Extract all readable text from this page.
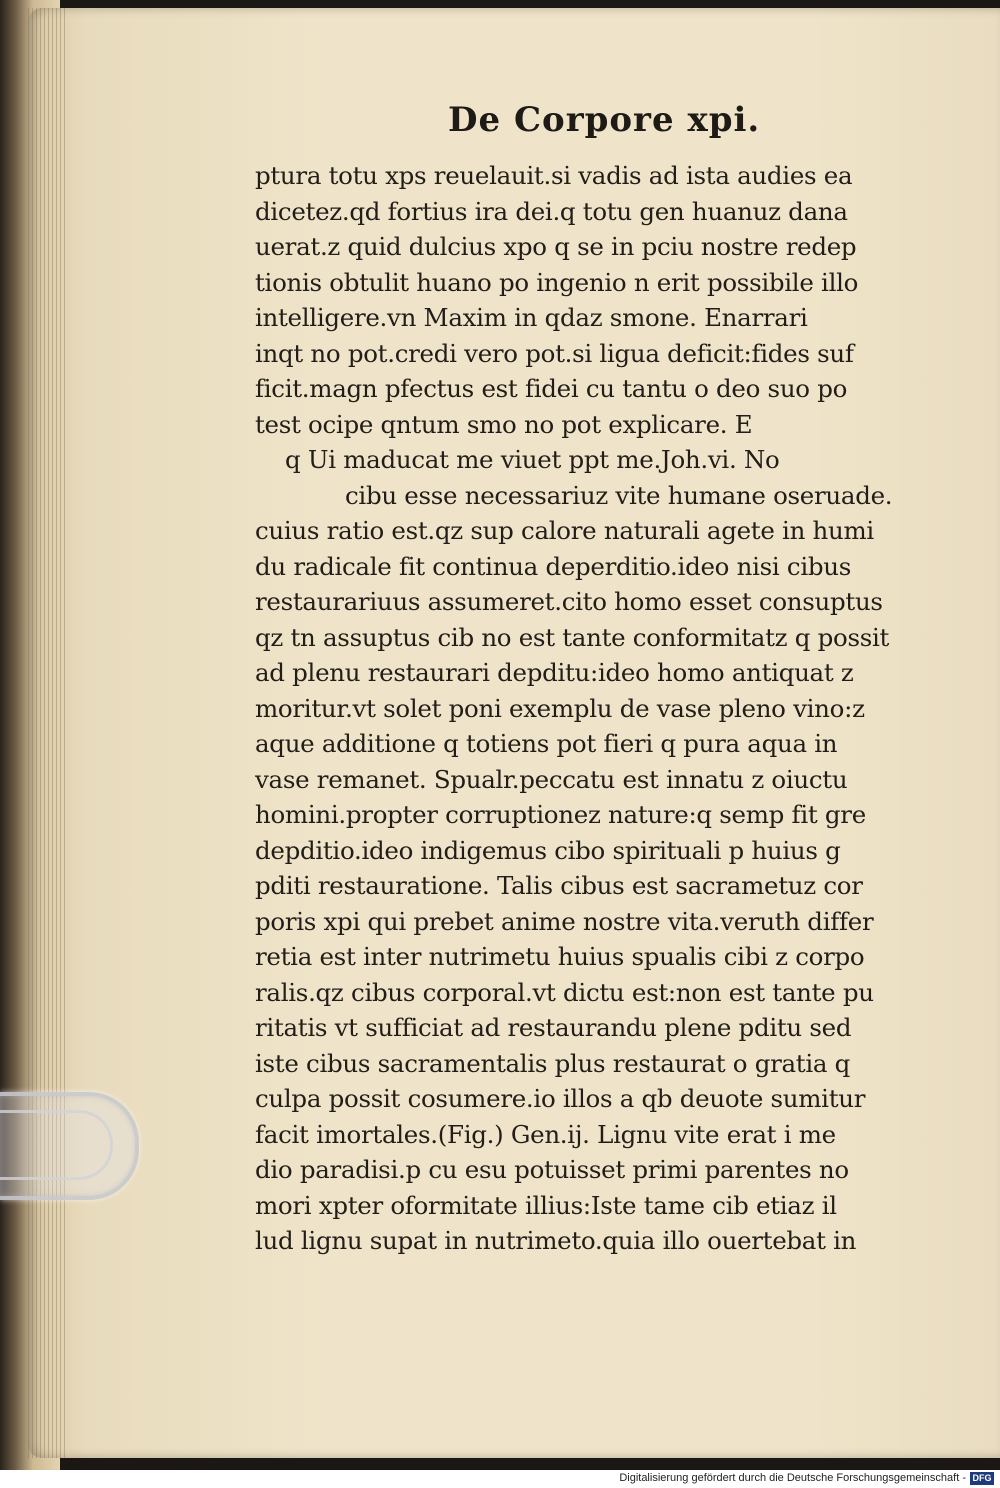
De Corpore xpi.
ptura totu xps reuelauit.si vadis ad ista audies ea
dicetez.qd fortius ira dei.q totu gen huanuz dana
uerat.z quid dulcius xpo q se in pciu nostre redep
tionis obtulit huano po ingenio n erit possibile illo
intelligere.vn Maxim in qdaz smone. Enarrari
inqt no pot.credi vero pot.si ligua deficit:fides suf
ficit.magn pfectus est fidei cu tantu o deo suo po
test ocipe qntum smo no pot explicare. E
q Ui maducat me viuet ppt me.Joh.vi. No
cibu esse necessariuz vite humane oseruade.
cuius ratio est.qz sup calore naturali agete in humi
du radicale fit continua deperditio.ideo nisi cibus
restaurariuus assumeret.cito homo esset consuptus
qz tn assuptus cib no est tante conformitatz q possit
ad plenu restaurari depditu:ideo homo antiquat z
moritur.vt solet poni exemplu de vase pleno vino:z
aque additione q totiens pot fieri q pura aqua in
vase remanet. Spualr.peccatu est innatu z oiuctu
homini.propter corruptionez nature:q semp fit gre
depditio.ideo indigemus cibo spirituali p huius g
pditi restauratione. Talis cibus est sacrametuz cor
poris xpi qui prebet anime nostre vita.veruth differ
retia est inter nutrimetu huius spualis cibi z corpo
ralis.qz cibus corporal.vt dictu est:non est tante pu
ritatis vt sufficiat ad restaurandu plene pditu sed
iste cibus sacramentalis plus restaurat o gratia q
culpa possit cosumere.io illos a qb deuote sumitur
facit imortales.(Fig.) Gen.ij. Lignu vite erat i me
dio paradisi.p cu esu potuisset primi parentes no
mori xpter oformitate illius:Iste tame cib etiaz il
lud lignu supat in nutrimeto.quia illo ouertebat in
Digitalisierung gefördert durch die Deutsche Forschungsgemeinschaft - DFG
